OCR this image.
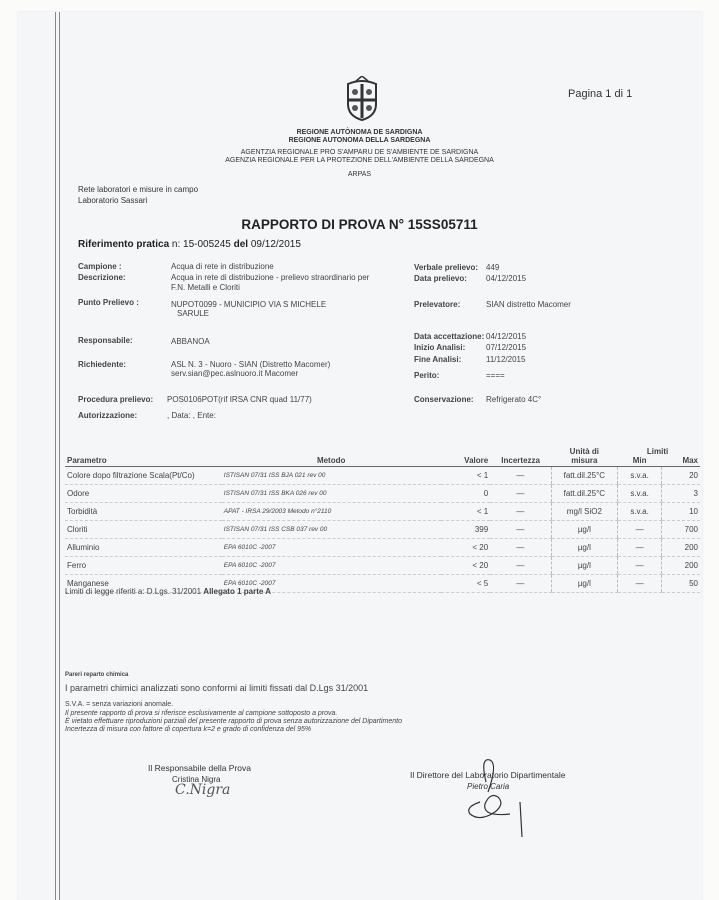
Pagina 1 di 1
REGIONE AUTÒNOMA DE SARDIGNA
REGIONE AUTONOMA DELLA SARDEGNA
AGENTZIA REGIONALE PRO S'AMPARU DE S'AMBIENTE DE SARDIGNA
AGENZIA REGIONALE PER LA PROTEZIONE DELL'AMBIENTE DELLA SARDEGNA
ARPAS
Rete laboratori e misure in campo
Laboratorio Sassari
RAPPORTO DI PROVA N° 15SS05711
Riferimento pratica n: 15-005245 del 09/12/2015
Campione :	Acqua di rete in distribuzione
Descrizione:	Acqua in rete di distribuzione - prelievo straordinario per
F.N. Metalli e Cloriti
Punto Prelievo :	NUPOT0099 - MUNICIPIO VIA S MICHELE
SARULE
Responsabile:	ABBANOA
Richiedente:	ASL N. 3 - Nuoro - SIAN (Distretto Macomer)
serv.sian@pec.aslnuoro.it Macomer
Procedura prelievo: POS0106POT(rif IRSA CNR quad 11/77)
Autorizzazione:	, Data: , Ente:
Verbale prelievo: 449
Data prelievo: 04/12/2015
Prelevatore:	SIAN distretto Macomer
Data accettazione: 04/12/2015
Inizio Analisi:	07/12/2015
Fine Analisi:	11/12/2015
Perito:	====
Conservazione: Refrigerato 4C°
Parametro	Metodo	Valore	Incertezza	Unità di
misura	Limiti
Min	Max
Colore dopo filtrazione Scala(Pt/Co)	ISTISAN 07/31 ISS BJA 021 rev 00	< 1	—	fatt.dil.25°C	s.v.a.	20
Odore	ISTISAN 07/31 ISS BKA 026 rev 00	0	—	fatt.dil.25°C	s.v.a.	3
Torbidità	APAT - IRSA 29/2003 Metodo n°2110	< 1	—	mg/l SiO2	s.v.a.	10
Cloriti	ISTISAN 07/31 ISS CSB 037 rev 00	399	—	µg/l	—	700
Alluminio	EPA 6010C -2007	< 20	—	µg/l	—	200
Ferro	EPA 6010C -2007	< 20	—	µg/l	—	200
Manganese	EPA 6010C -2007	< 5	—	µg/l	—	50
Limiti di legge riferiti a: D.Lgs. 31/2001 Allegato 1 parte A
Pareri reparto chimica
I parametri chimici analizzati sono conformi ai limiti fissati dal D.Lgs 31/2001
S.V.A. = senza variazioni anomale.
Il presente rapporto di prova si riferisce esclusivamente al campione sottoposto a prova.
È vietato effettuare riproduzioni parziali del presente rapporto di prova senza autorizzazione del Dipartimento
Incertezza di misura con fattore di copertura k=2 e grado di confidenza del 95%
Il Responsabile della Prova
Cristina Nigra
C.Nigra
Il Direttore del Laboratorio Dipartimentale
Pietro Caria
